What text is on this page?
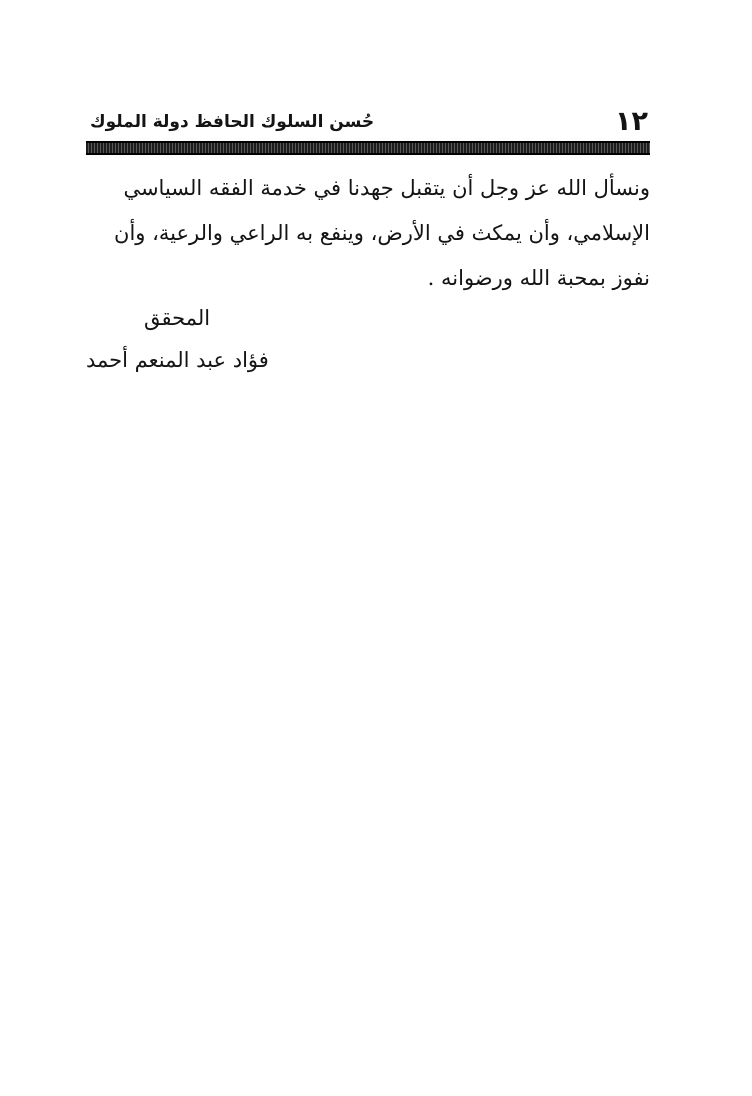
١٢
حُسن السلوك الحافظ دولة الملوك
ونسأل الله عز وجل أن يتقبل جهدنا في خدمة الفقه السياسي
الإسلامي، وأن يمكث في الأرض، وينفع به الراعي والرعية، وأن
نفوز بمحبة الله ورضوانه .
المحقق
فؤاد عبد المنعم أحمد
